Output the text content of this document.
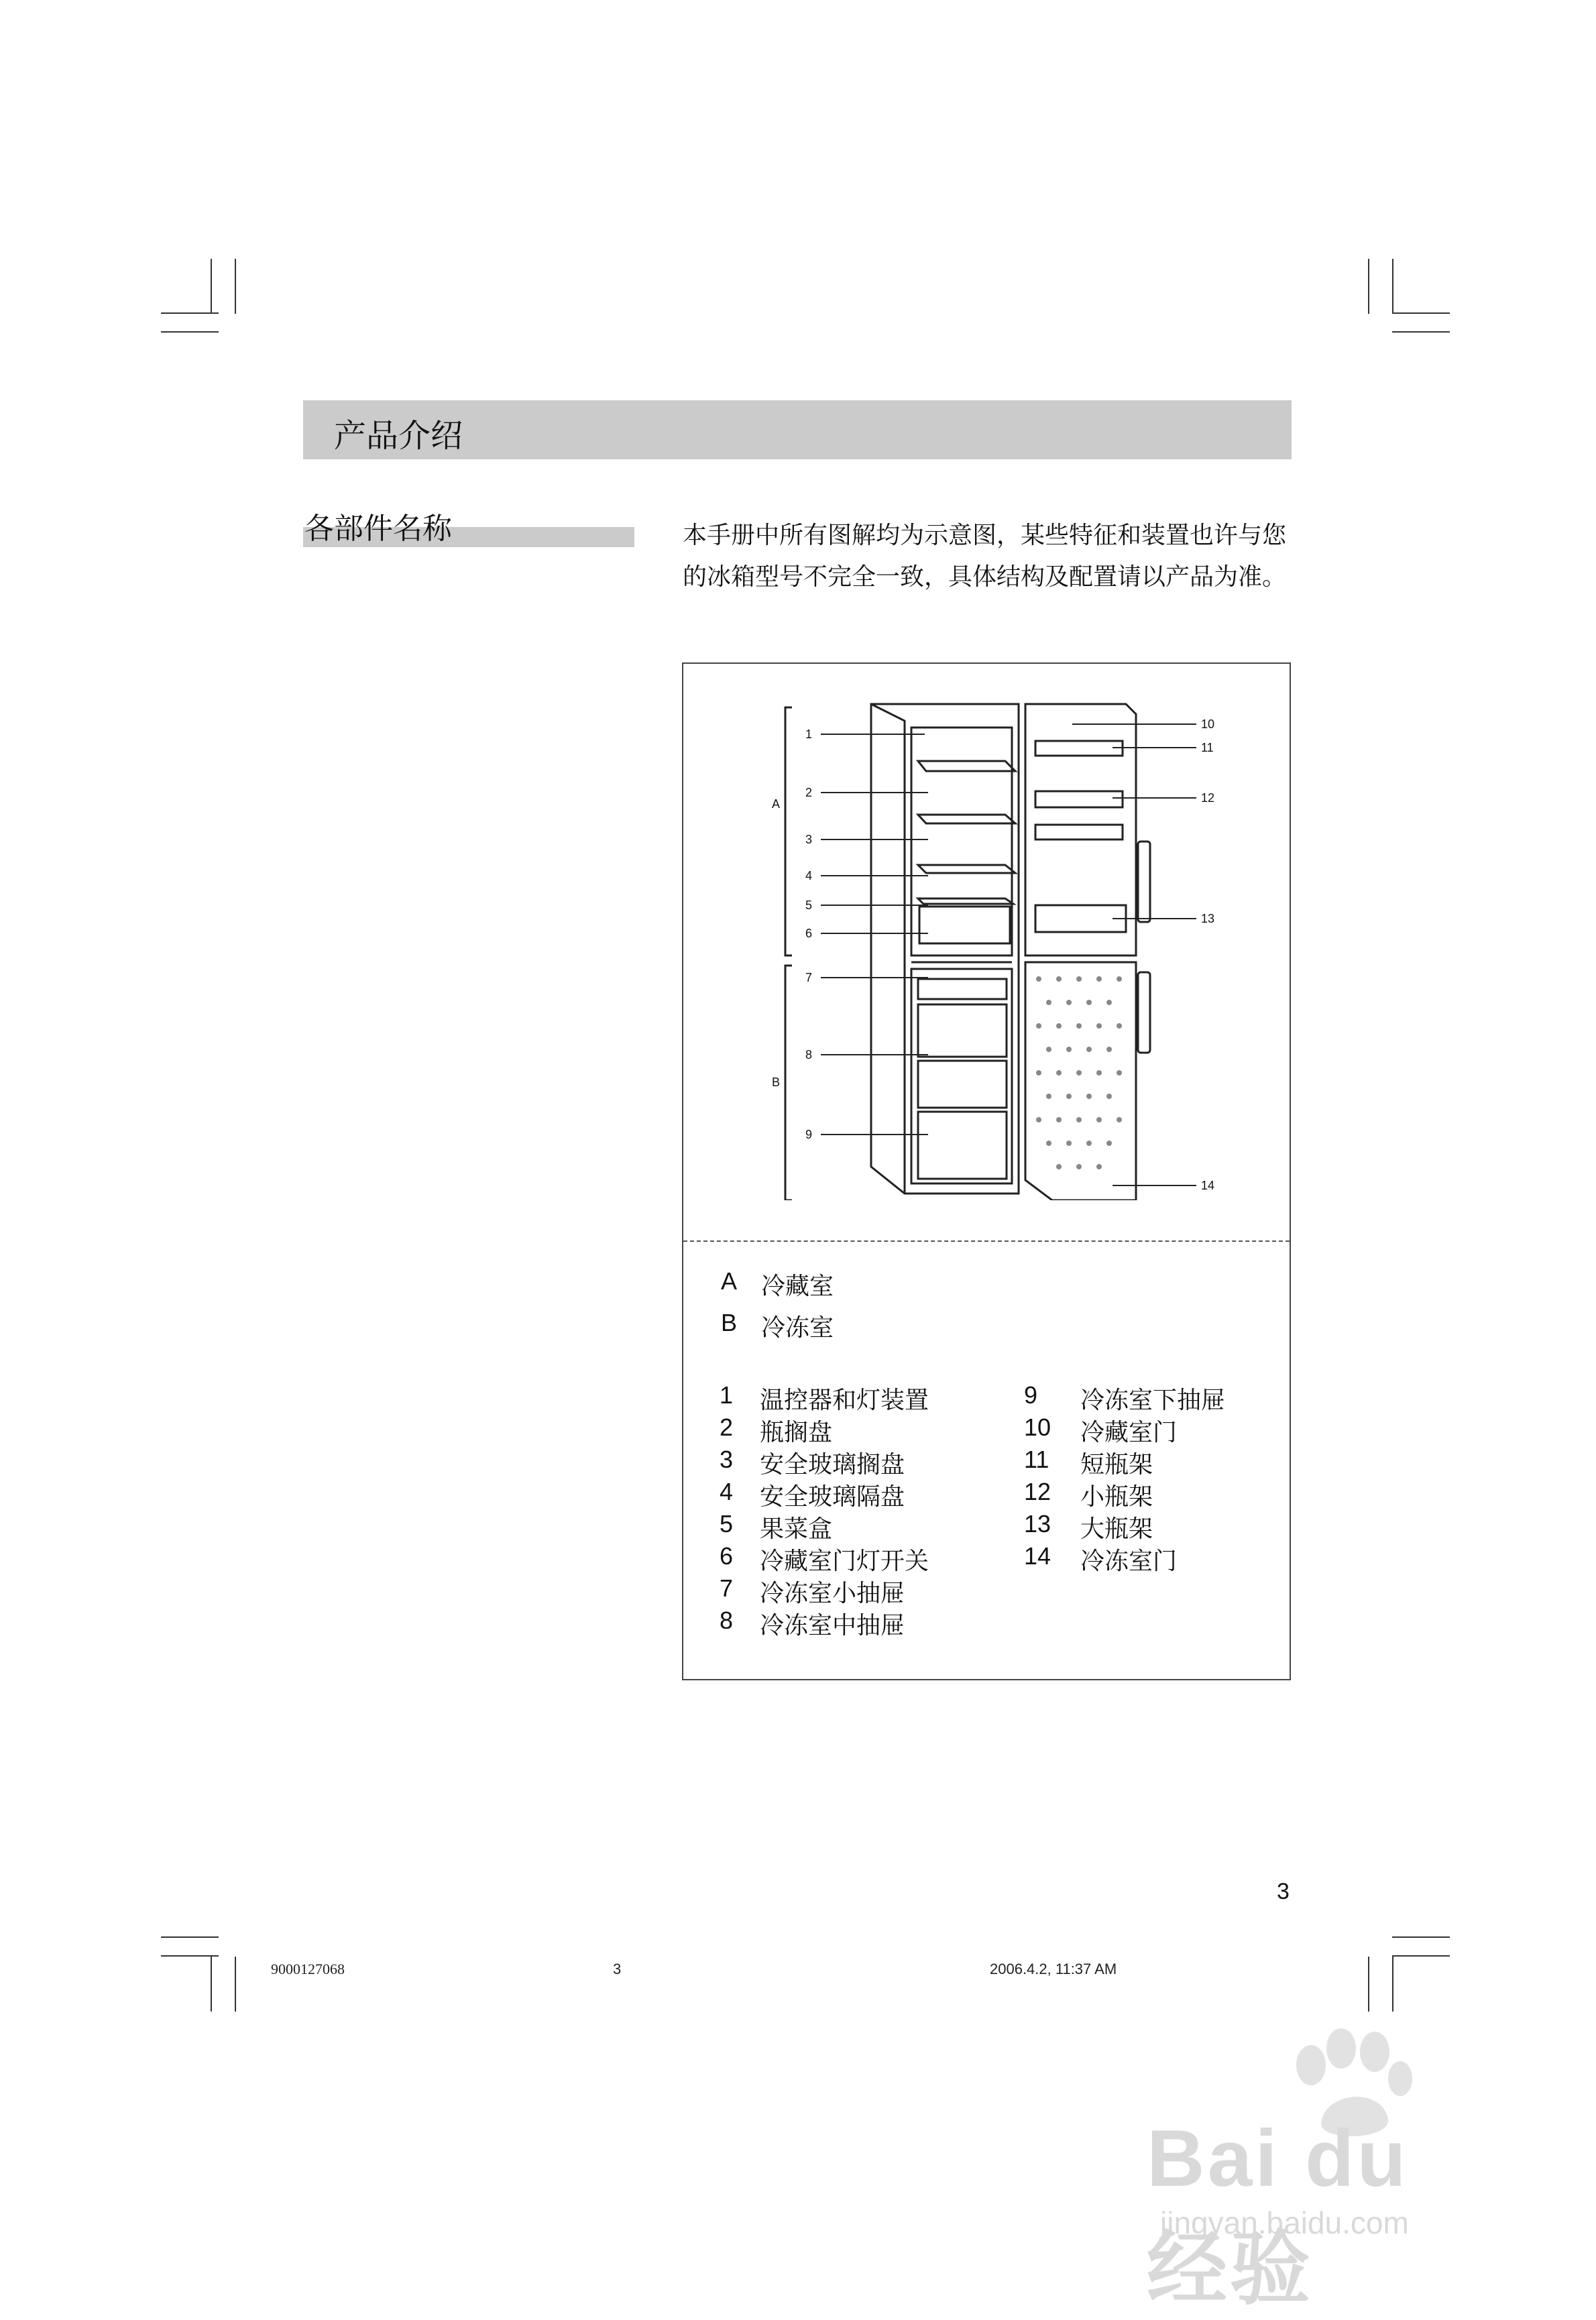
产品介绍
各部件名称	本手册中所有图解均为示意图，某些特征和装置也许与您
的冰箱型号不完全一致，具体结构及配置请以产品为准。
A
B
1
2
3
4
5
6
7
8
9
10
11
12
13
14
A 冷藏室
B 冷冻室
1	温控器和灯装置
2	瓶搁盘
3	安全玻璃搁盘
4	安全玻璃隔盘
5	果菜盒
6	冷藏室门灯开关
7	冷冻室小抽屉
8	冷冻室中抽屉
9	冷冻室下抽屉
10 冷藏室门
11	短瓶架
12 小瓶架
13 大瓶架
14 冷冻室门
3
9000127068	3	2006.4.2, 11:37 AM
Bai du 经验
jingyan.baidu.com
